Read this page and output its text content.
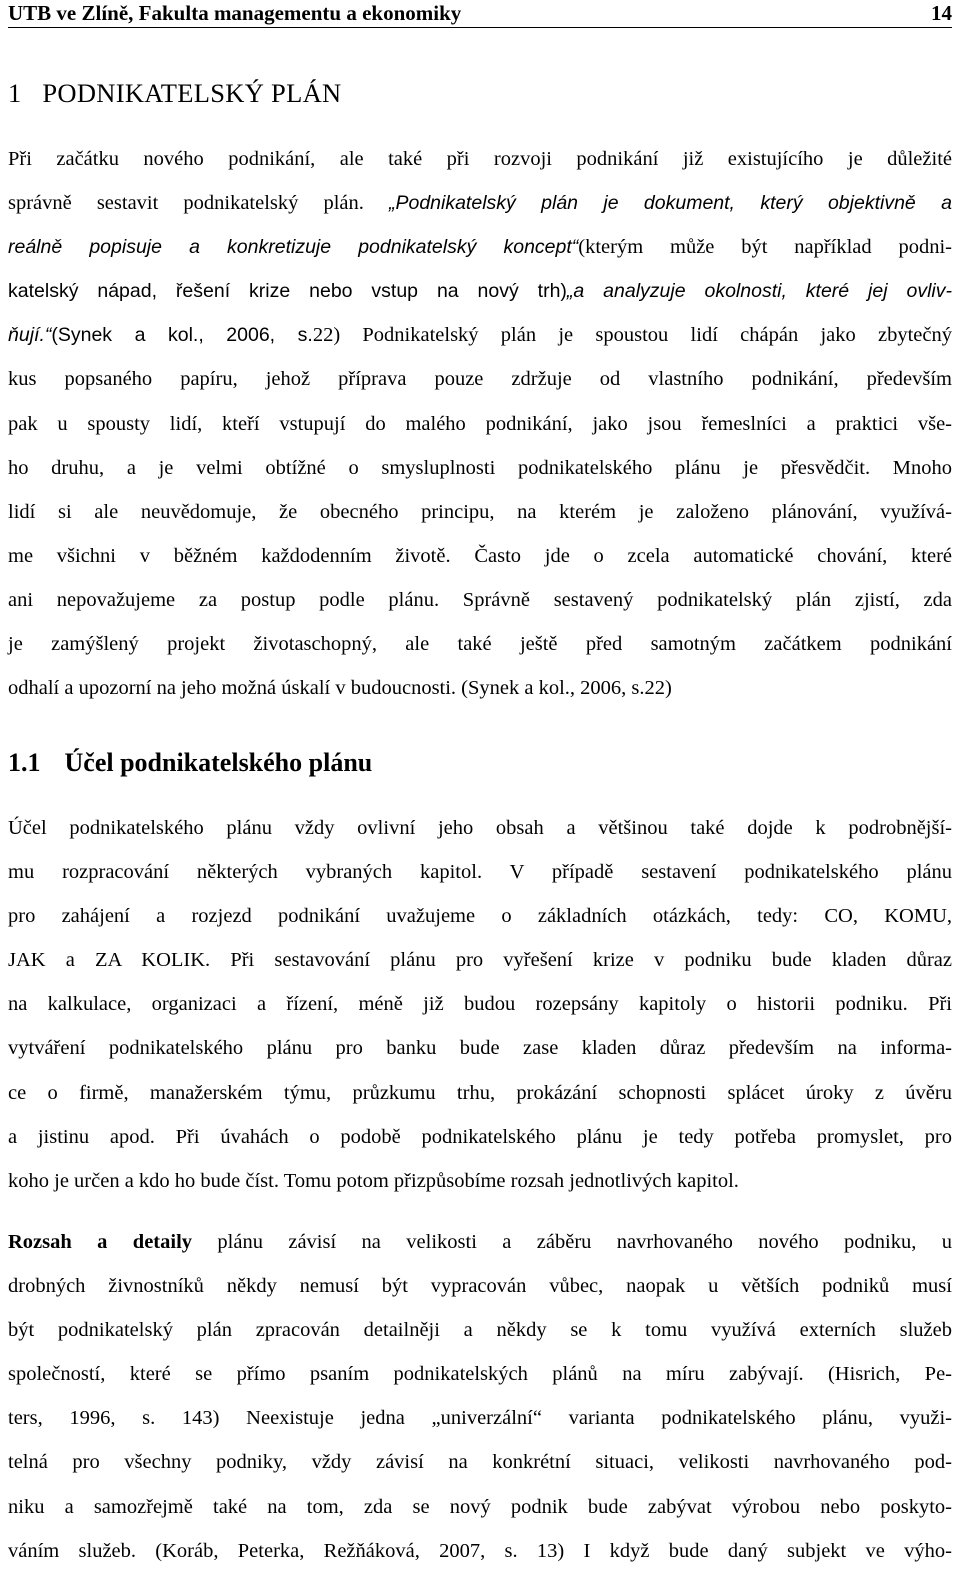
UTB ve Zlíně, Fakulta managementu a ekonomiky	14
1 PODNIKATELSKÝ PLÁN
Při začátku nového podnikání, ale také při rozvoji podnikání již existujícího je důležité
správně sestavit podnikatelský plán. „Podnikatelský plán je dokument, který objektivně a
reálně popisuje a konkretizuje podnikatelský koncept“(kterým může být například podni-
katelský nápad, řešení krize nebo vstup na nový trh)„a analyzuje okolnosti, které jej ovliv-
ňují.“(Synek a kol., 2006, s.22) Podnikatelský plán je spoustou lidí chápán jako zbytečný
kus popsaného papíru, jehož příprava pouze zdržuje od vlastního podnikání, především
pak u spousty lidí, kteří vstupují do malého podnikání, jako jsou řemeslníci a praktici vše-
ho druhu, a je velmi obtížné o smysluplnosti podnikatelského plánu je přesvědčit. Mnoho
lidí si ale neuvědomuje, že obecného principu, na kterém je založeno plánování, využívá-
me všichni v běžném každodenním životě. Často jde o zcela automatické chování, které
ani nepovažujeme za postup podle plánu. Správně sestavený podnikatelský plán zjistí, zda
je zamýšlený projekt životaschopný, ale také ještě před samotným začátkem podnikání
odhalí a upozorní na jeho možná úskalí v budoucnosti. (Synek a kol., 2006, s.22)
1.1 Účel podnikatelského plánu
Účel podnikatelského plánu vždy ovlivní jeho obsah a většinou také dojde k podrobnější-
mu rozpracování některých vybraných kapitol. V případě sestavení podnikatelského plánu
pro zahájení a rozjezd podnikání uvažujeme o základních otázkách, tedy: CO, KOMU,
JAK a ZA KOLIK. Při sestavování plánu pro vyřešení krize v podniku bude kladen důraz
na kalkulace, organizaci a řízení, méně již budou rozepsány kapitoly o historii podniku. Při
vytváření podnikatelského plánu pro banku bude zase kladen důraz především na informa-
ce o firmě, manažerském týmu, průzkumu trhu, prokázání schopnosti splácet úroky z úvěru
a jistinu apod. Při úvahách o podobě podnikatelského plánu je tedy potřeba promyslet, pro
koho je určen a kdo ho bude číst. Tomu potom přizpůsobíme rozsah jednotlivých kapitol.
Rozsah a detaily plánu závisí na velikosti a záběru navrhovaného nového podniku, u
drobných živnostníků někdy nemusí být vypracován vůbec, naopak u větších podniků musí
být podnikatelský plán zpracován detailněji a někdy se k tomu využívá externích služeb
společností, které se přímo psaním podnikatelských plánů na míru zabývají. (Hisrich, Pe-
ters, 1996, s. 143) Neexistuje jedna „univerzální“ varianta podnikatelského plánu, využi-
telná pro všechny podniky, vždy závisí na konkrétní situaci, velikosti navrhovaného pod-
niku a samozřejmě také na tom, zda se nový podnik bude zabývat výrobou nebo poskyto-
váním služeb. (Koráb, Peterka, Režňáková, 2007, s. 13) I když bude daný subjekt ve výho-
